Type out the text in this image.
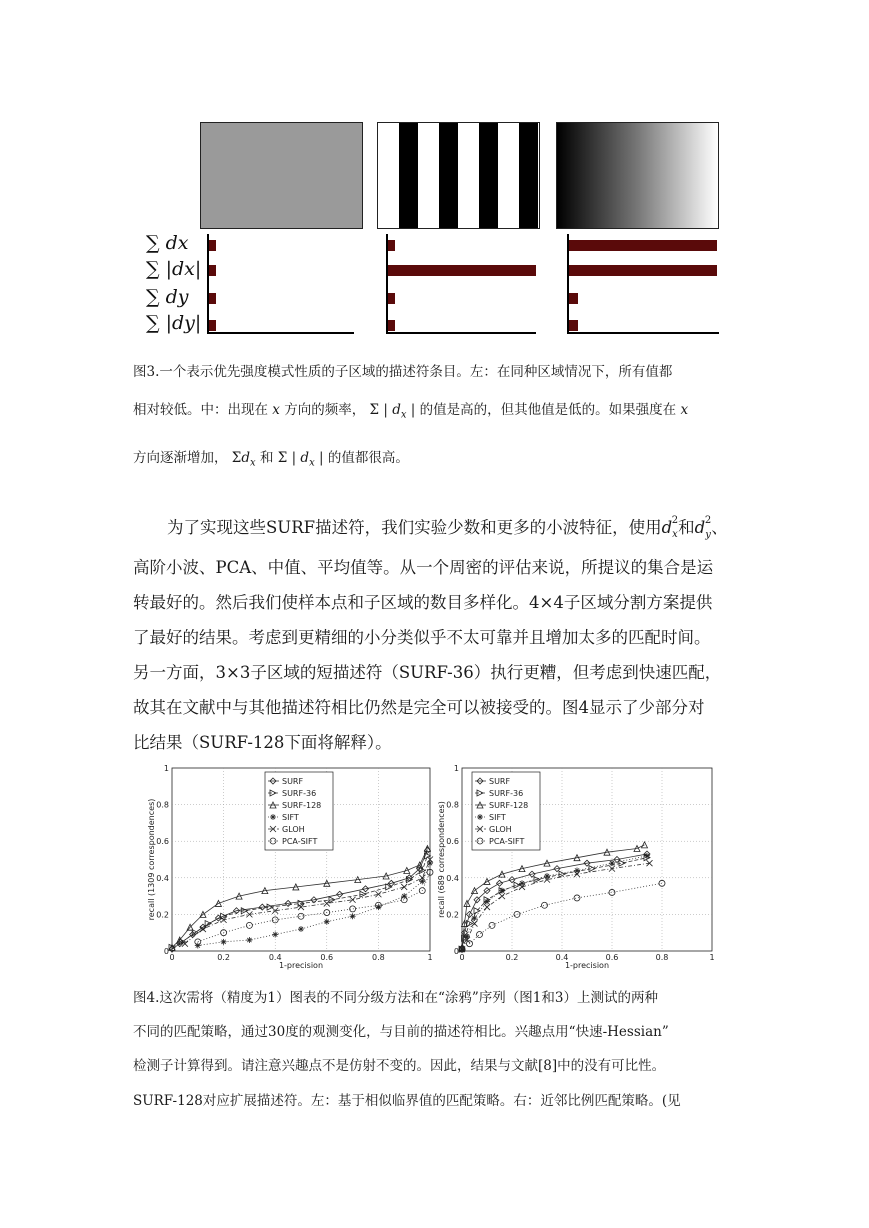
∑ dx
∑ |dx|
∑ dy
∑ |dy|
图3.一个表示优先强度模式性质的子区域的描述符条目。左：在同种区域情况下，所有值都
相对较低。中：出现在 x 方向的频率， Σ | $d_x$ | 的值是高的，但其他值是低的。如果强度在 x
方向逐渐增加， $\Sigma d_x$ 和 Σ | $d_x$ | 的值都很高。
为了实现这些SURF描述符，我们实验少数和更多的小波特征，使用$d_x^2$和$d_y^2$、
高阶小波、PCA、中值、平均值等。从一个周密的评估来说，所提议的集合是运
转最好的。然后我们使样本点和子区域的数目多样化。4×4子区域分割方案提供
了最好的结果。考虑到更精细的小分类似乎不太可靠并且增加太多的匹配时间。
另一方面，3×3子区域的短描述符（SURF-36）执行更糟，但考虑到快速匹配，
故其在文献中与其他描述符相比仍然是完全可以被接受的。图4显示了少部分对
比结果（SURF-128下面将解释）。
0	0.2	0.4	0.6	0.8	1
0
0.2
0.4
0.6
0.8
1
1-precision
recall (1309 correspondences)
SURF
SURF-36
SURF-128
SIFT
GLOH
PCA-SIFT
0	0.2	0.4	0.6	0.8	1
0
0.2
0.4
0.6
0.8
1
1-precision
recall (689 correspondences)
SURF
SURF-36
SURF-128
SIFT
GLOH
PCA-SIFT
图4.这次需将（精度为1）图表的不同分级方法和在“涂鸦”序列（图1和3）上测试的两种
不同的匹配策略，通过30度的观测变化，与目前的描述符相比。兴趣点用“快速-Hessian”
检测子计算得到。请注意兴趣点不是仿射不变的。因此，结果与文献[8]中的没有可比性。
SURF-128对应扩展描述符。左：基于相似临界值的匹配策略。右：近邻比例匹配策略。(见
